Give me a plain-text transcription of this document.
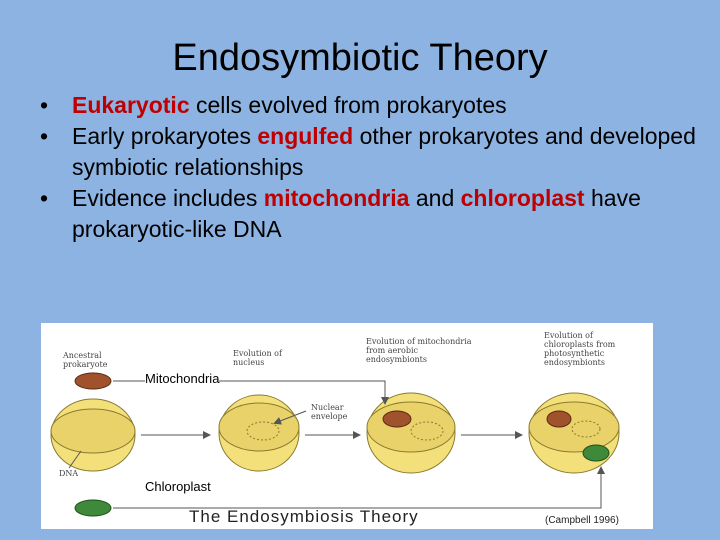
Endosymbiotic Theory
• Eukaryotic cells evolved from prokaryotes
• Early prokaryotes engulfed other prokaryotes and developed symbiotic relationships
• Evidence includes mitochondria and chloroplast have prokaryotic-like DNA
Ancestral prokaryote
Evolution of nucleus
Evolution of mitochondria from aerobic endosymbionts
Evolution of chloroplasts from photosynthetic endosymbionts
Nuclear envelope
DNA
Mitochondria
Chloroplast
The Endosymbiosis Theory	(Campbell 1996)
